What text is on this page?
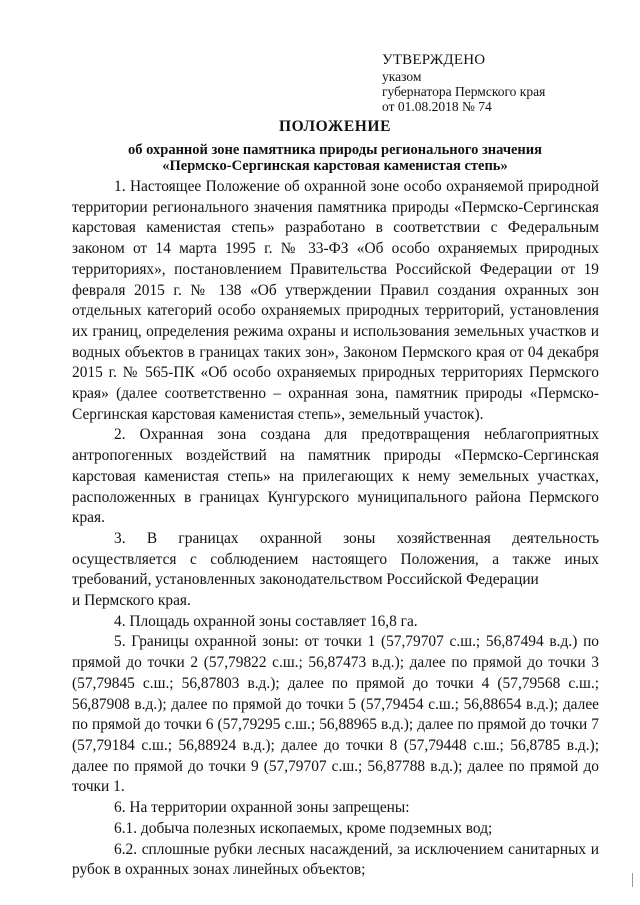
УТВЕРЖДЕНО
указом
губернатора Пермского края
от 01.08.2018 № 74
ПОЛОЖЕНИЕ
об охранной зоне памятника природы регионального значения
«Пермско-Сергинская карстовая каменистая степь»

1. Настоящее Положение об охранной зоне особо охраняемой природной территории регионального значения памятника природы «Пермско-Сергинская карстовая каменистая степь» разработано в соответствии с Федеральным законом от 14 марта 1995 г. № 33-ФЗ «Об особо охраняемых природных территориях», постановлением Правительства Российской Федерации от 19 февраля 2015 г. № 138 «Об утверждении Правил создания охранных зон отдельных категорий особо охраняемых природных территорий, установления их границ, определения режима охраны и использования земельных участков и водных объектов в границах таких зон», Законом Пермского края от 04 декабря 2015 г. № 565-ПК «Об особо охраняемых природных территориях Пермского края» (далее соответственно – охранная зона, памятник природы «Пермско-Сергинская карстовая каменистая степь», земельный участок).

2. Охранная зона создана для предотвращения неблагоприятных антропогенных воздействий на памятник природы «Пермско-Сергинская карстовая каменистая степь» на прилегающих к нему земельных участках, расположенных в границах Кунгурского муниципального района Пермского края.

3. В границах охранной зоны хозяйственная деятельность осуществляется с соблюдением настоящего Положения, а также иных требований, установленных законодательством Российской Федерации

и Пермского края.

4. Площадь охранной зоны составляет 16,8 га.

5. Границы охранной зоны: от точки 1 (57,79707 с.ш.; 56,87494 в.д.) по прямой до точки 2 (57,79822 с.ш.; 56,87473 в.д.); далее по прямой до точки 3 (57,79845 с.ш.; 56,87803 в.д.); далее по прямой до точки 4 (57,79568 с.ш.; 56,87908 в.д.); далее по прямой до точки 5 (57,79454 с.ш.; 56,88654 в.д.); далее по прямой до точки 6 (57,79295 с.ш.; 56,88965 в.д.); далее по прямой до точки 7 (57,79184 с.ш.; 56,88924 в.д.); далее до точки 8 (57,79448 с.ш.; 56,8785 в.д.); далее по прямой до точки 9 (57,79707 с.ш.; 56,87788 в.д.); далее по прямой до точки 1.

6. На территории охранной зоны запрещены:

6.1. добыча полезных ископаемых, кроме подземных вод;

6.2. сплошные рубки лесных насаждений, за исключением санитарных и рубок в охранных зонах линейных объектов;
